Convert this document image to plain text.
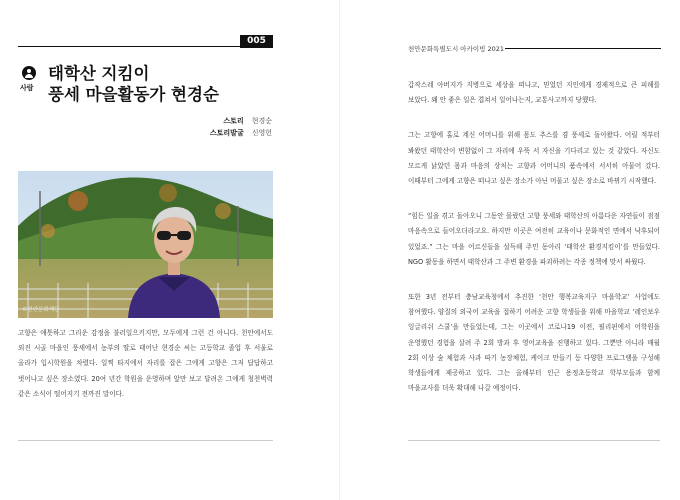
005
사람
태학산 지킴이
풍세 마을활동가 현경순
스토리 현경순
스토리발굴 신영헌
©천안문화재단
고향은 애틋하고 그리운 감정을 불러일으키지만, 모두에게 그런 건 아니다. 천안에서도 외진 시골 마을인 풍세에서 농부의 딸로 태어난 현경순 씨는 고등학교 졸업 후 서울로 올라가 입시학원을 차렸다. 일찍 타지에서 자리를 잡은 그에게 고향은 그저 답답하고 벗어나고 싶은 장소였다. 20여 년간 학원을 운영하며 앞만 보고 달려온 그에게 청천벽력 같은 소식이 떨어지기 전까진 말이다.
천안문화특별도시 아카이빙 2021

갑작스레 아버지가 지병으로 세상을 떠나고, 믿었던 지인에게 경제적으로 큰 피해를 보았다. 왜 안 좋은 일은 겹쳐서 일어나는지, 교통사고까지 당했다.

그는 고향에 홀로 계신 어머니를 위해 몸도 추스를 겸 풍세로 돌아왔다. 어릴 적부터 봐왔던 태학산이 변함없이 그 자리에 우뚝 서 자신을 기다리고 있는 것 같았다. 자신도 모르게 낡았던 몸과 마음의 상처는 고향과 어머니의 품속에서 서서히 아물어 갔다. 이때부터 그에게 고향은 떠나고 싶은 장소가 아닌 머물고 싶은 장소로 바뀌기 시작했다.

“힘든 일을 겪고 돌아오니 그동안 몰랐던 고향 풍세와 태학산의 아름다운 자연들이 점점 마음속으로 들어오더라고요. 하지만 이곳은 여전히 교육이나 문화적인 면에서 낙후되어 있었죠.” 그는 마을 어르신들을 설득해 주민 동아리 ‘태학산 환경지킴이’를 만들었다. NGO 활동을 하면서 태학산과 그 주변 환경을 파괴하려는 각종 정책에 맞서 싸웠다.

또한 3년 전부터 충남교육청에서 추진한 ‘천안 행복교육지구 마을학교’ 사업에도 참여했다. 양질의 외국어 교육을 접하기 어려운 고향 학생들을 위해 마을학교 ‘레인보우 잉글리쉬 스쿨’을 만들었는데, 그는 이곳에서 코로나19 이전, 필리핀에서 어학원을 운영했던 경험을 살려 주 2회 방과 후 영어교육을 진행하고 있다. 그뿐만 아니라 매월 2회 이상 숲 체험과 사과 따기 농장체험, 케이크 만들기 등 다양한 프로그램을 구성해 학생들에게 제공하고 있다. 그는 올해부터 인근 용정초등학교 학부모들과 함께 마을교사를 더욱 확대해 나갈 예정이다.
